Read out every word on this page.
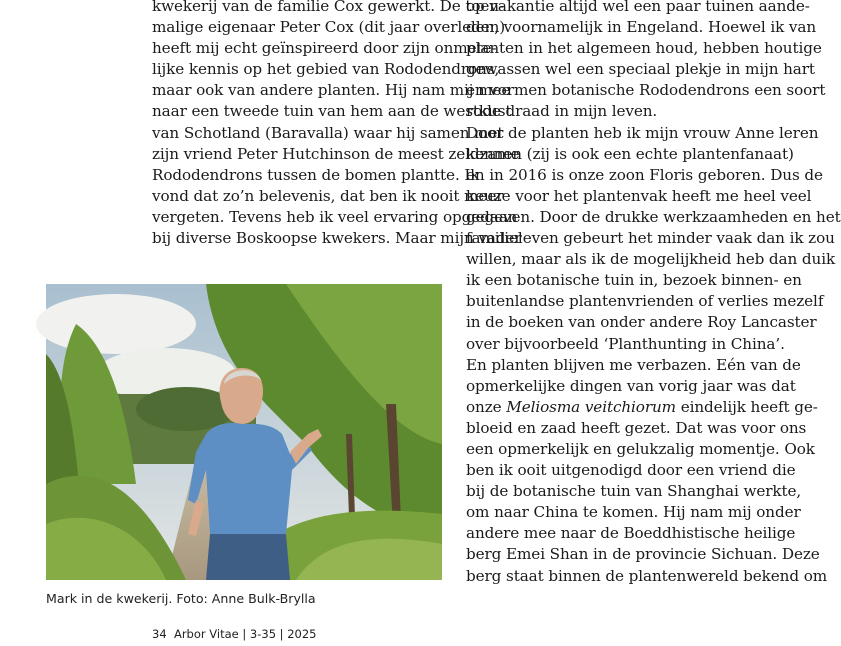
kwekerij van de familie Cox gewerkt. De toen-
malige eigenaar Peter Cox (dit jaar overleden)
heeft mij echt geïnspireerd door zijn onmete-
lijke kennis op het gebied van Rododendrons,
maar ook van andere planten. Hij nam mij mee
naar een tweede tuin van hem aan de westkust
van Schotland (Baravalla) waar hij samen met
zijn vriend Peter Hutchinson de meest zeldzame
Rododendrons tussen de bomen plantte. Ik
vond dat zo’n belevenis, dat ben ik nooit meer
vergeten. Tevens heb ik veel ervaring opgedaan
bij diverse Boskoopse kwekers. Maar mijn vader
Mark in de kwekerij. Foto: Anne Bulk-Brylla
op vakantie altijd wel een paar tuinen aande-
den, voornamelijk in Engeland. Hoewel ik van
planten in het algemeen houd, hebben houtige
gewassen wel een speciaal plekje in mijn hart
en vormen botanische Rododendrons een soort
rode draad in mijn leven.
Door de planten heb ik mijn vrouw Anne leren
kennen (zij is ook een echte plantenfanaat)
en in 2016 is onze zoon Floris geboren. Dus de
keuze voor het plantenvak heeft me heel veel
gegeven. Door de drukke werkzaamheden en het
familieleven gebeurt het minder vaak dan ik zou
willen, maar als ik de mogelijkheid heb dan duik
ik een botanische tuin in, bezoek binnen- en
buitenlandse plantenvrienden of verlies mezelf
in de boeken van onder andere Roy Lancaster
over bijvoorbeeld ‘Planthunting in China’.
En planten blijven me verbazen. Eén van de
opmerkelijke dingen van vorig jaar was dat
onze Meliosma veitchiorum eindelijk heeft ge-
bloeid en zaad heeft gezet. Dat was voor ons
een opmerkelijk en gelukzalig momentje. Ook
ben ik ooit uitgenodigd door een vriend die
bij de botanische tuin van Shanghai werkte,
om naar China te komen. Hij nam mij onder
andere mee naar de Boeddhistische heilige
berg Emei Shan in de provincie Sichuan. Deze
berg staat binnen de plantenwereld bekend om
34 Arbor Vitae | 3-35 | 2025
